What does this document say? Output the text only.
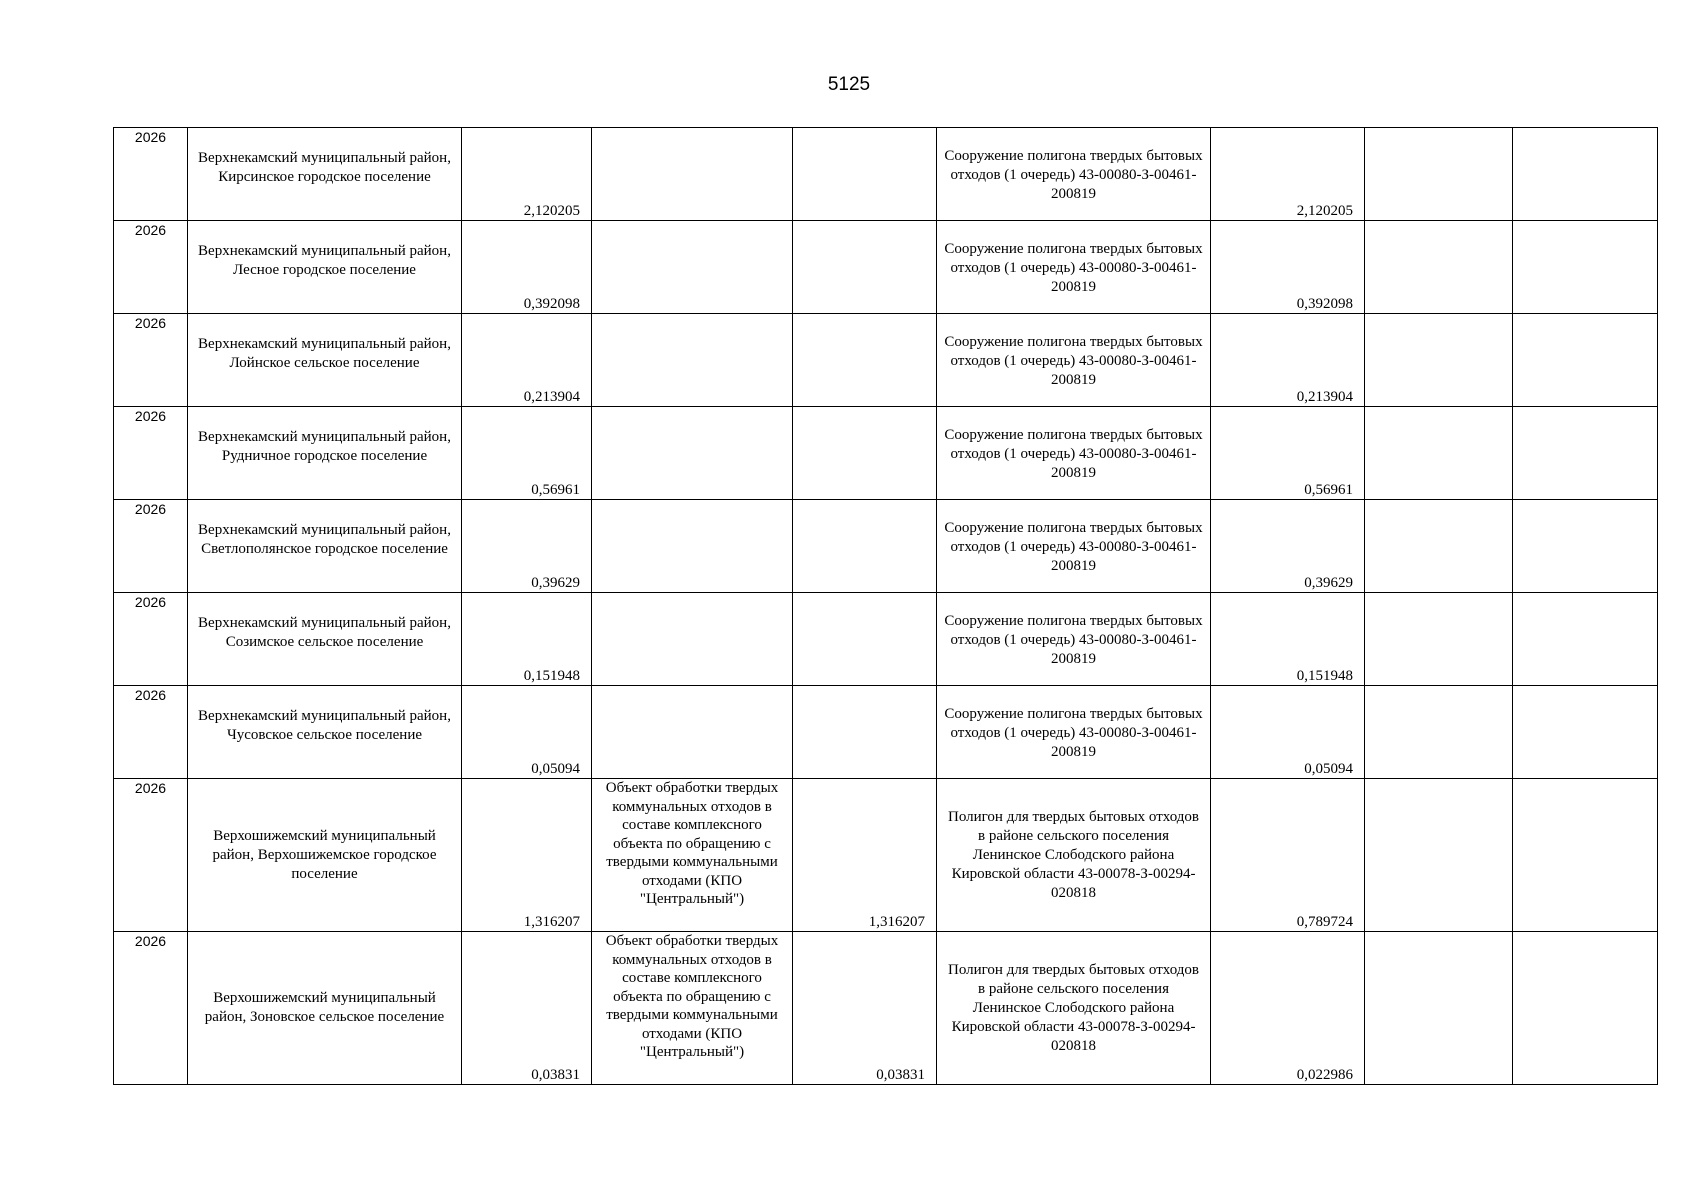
5125
2026	Верхнекамский муниципальный район, Кирсинское городское поселение	2,120205			Сооружение полигона твердых бытовых отходов (1 очередь) 43-00080-З-00461-200819	2,120205		

2026	Верхнекамский муниципальный район, Лесное городское поселение	0,392098			Сооружение полигона твердых бытовых отходов (1 очередь) 43-00080-З-00461-200819	0,392098		

2026	Верхнекамский муниципальный район, Лойнское сельское поселение	0,213904			Сооружение полигона твердых бытовых отходов (1 очередь) 43-00080-З-00461-200819	0,213904		

2026	Верхнекамский муниципальный район, Рудничное городское поселение	0,56961			Сооружение полигона твердых бытовых отходов (1 очередь) 43-00080-З-00461-200819	0,56961		

2026	Верхнекамский муниципальный район, Светлополянское городское поселение	0,39629			Сооружение полигона твердых бытовых отходов (1 очередь) 43-00080-З-00461-200819	0,39629		

2026	Верхнекамский муниципальный район, Созимское сельское поселение	0,151948			Сооружение полигона твердых бытовых отходов (1 очередь) 43-00080-З-00461-200819	0,151948		

2026	Верхнекамский муниципальный район, Чусовское сельское поселение	0,05094			Сооружение полигона твердых бытовых отходов (1 очередь) 43-00080-З-00461-200819	0,05094		

2026	Верхошижемский муниципальный район, Верхошижемское городское поселение	1,316207	Объект обработки твердых коммунальных отходов в составе комплексного объекта по обращению с твердыми коммунальными отходами (КПО "Центральный")	1,316207	Полигон для твердых бытовых отходов в районе сельского поселения Ленинское Слободского района Кировской области 43-00078-З-00294-020818	0,789724		

2026	Верхошижемский муниципальный район, Зоновское сельское поселение	0,03831	Объект обработки твердых коммунальных отходов в составе комплексного объекта по обращению с твердыми коммунальными отходами (КПО "Центральный")	0,03831	Полигон для твердых бытовых отходов в районе сельского поселения Ленинское Слободского района Кировской области 43-00078-З-00294-020818	0,022986		
